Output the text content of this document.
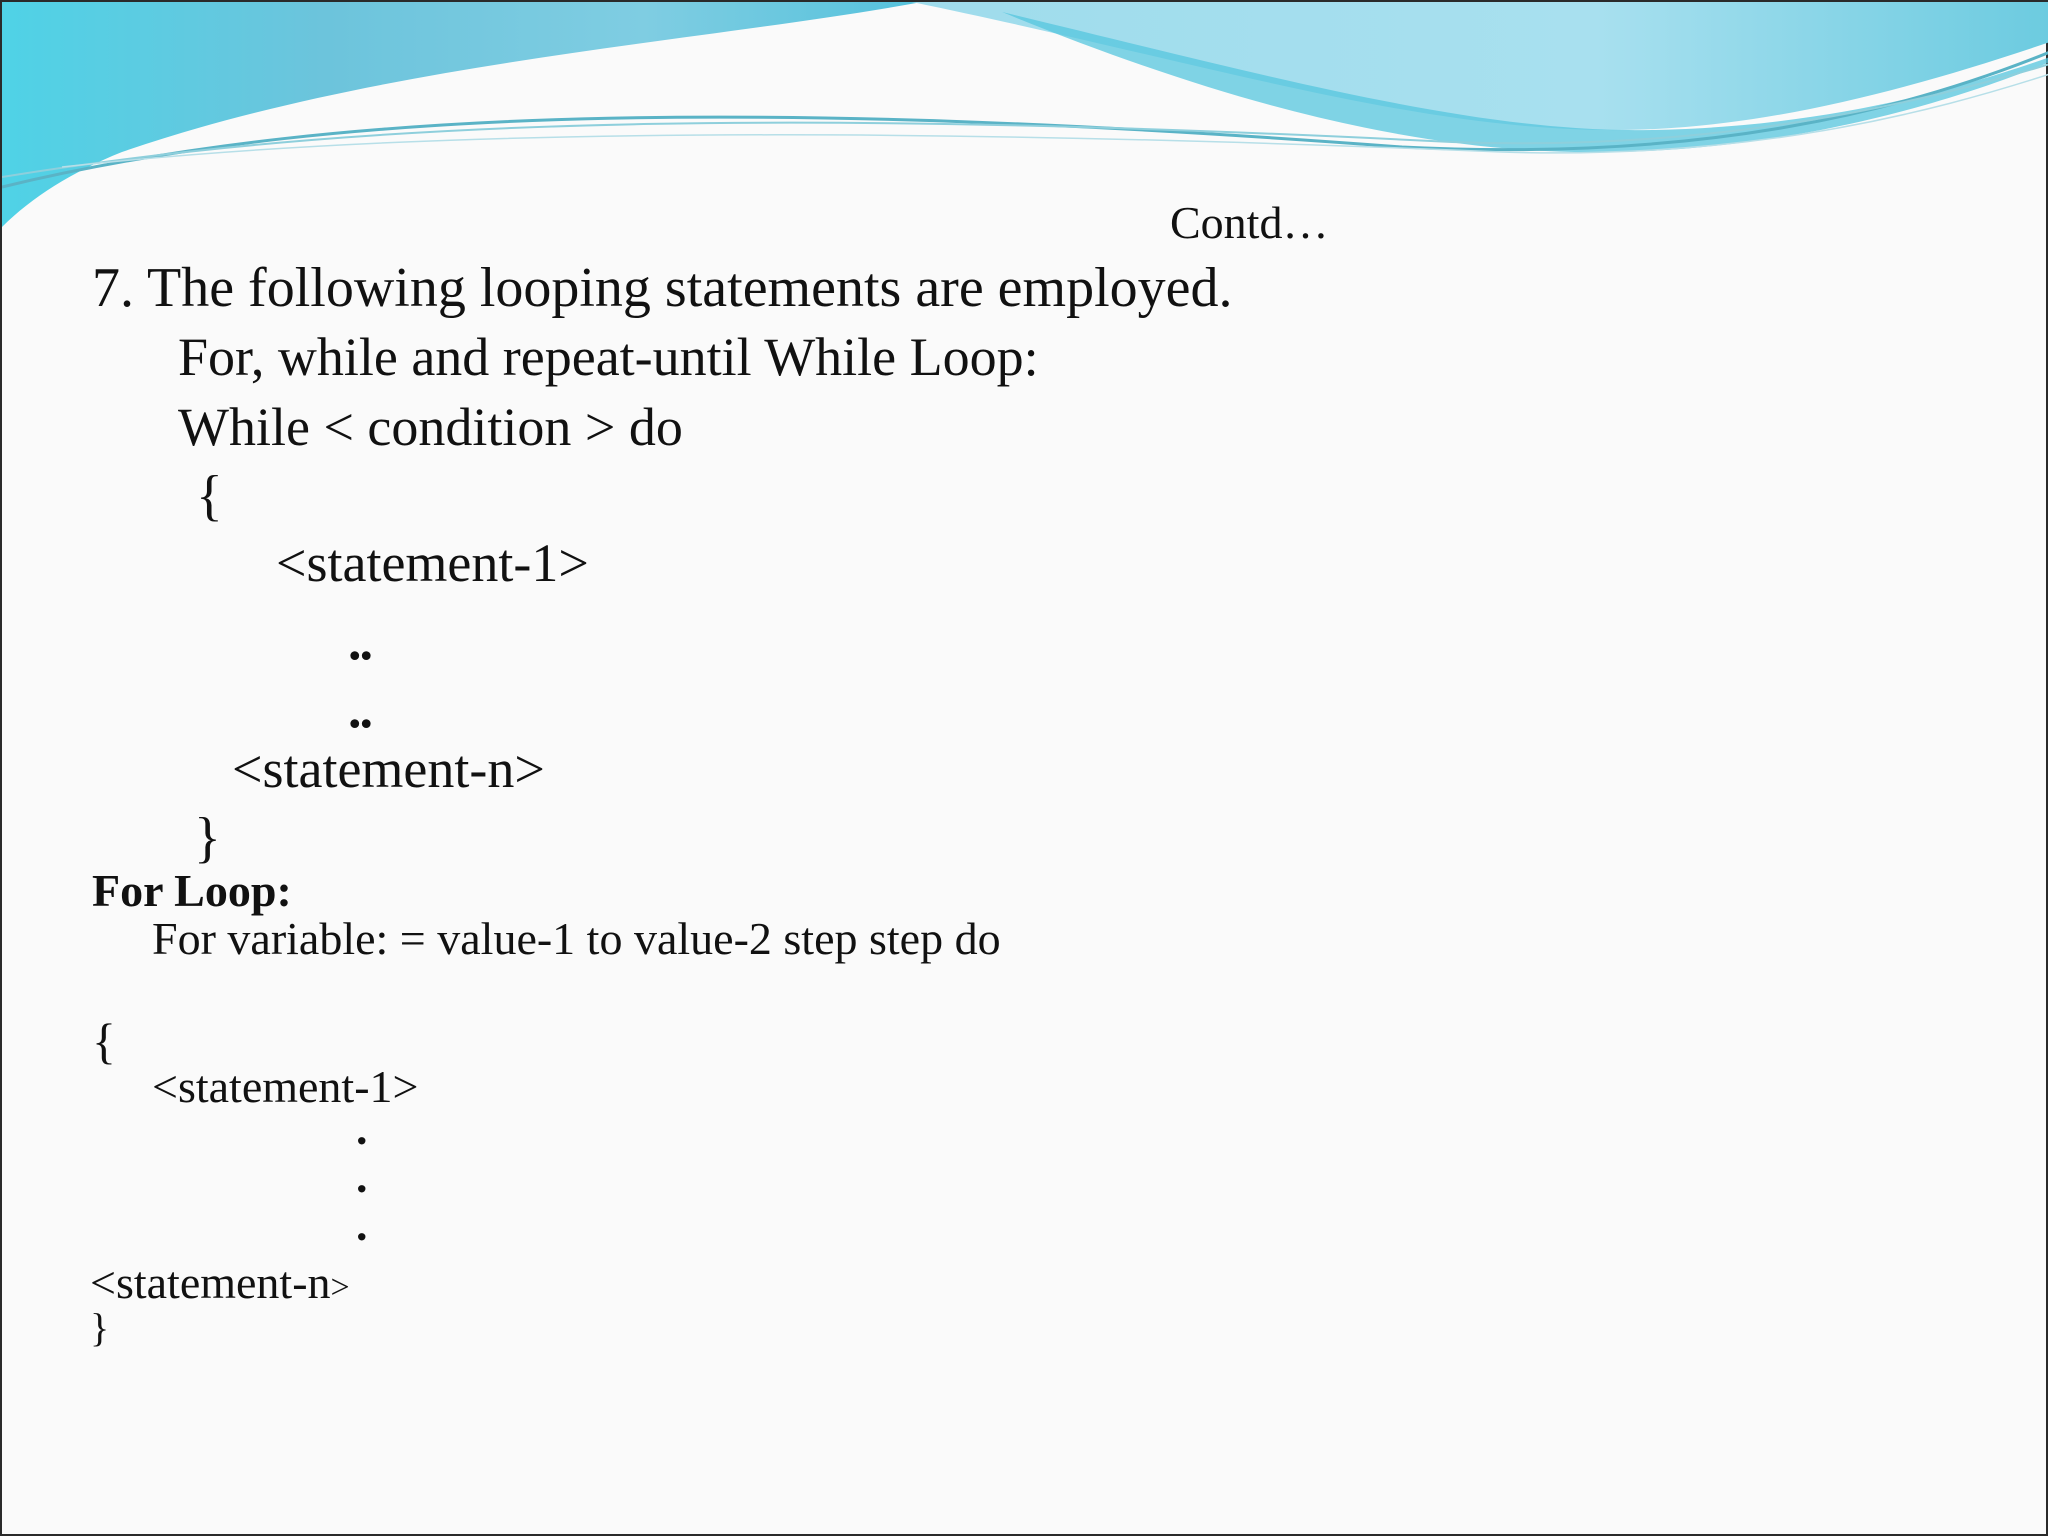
Contd…
7. The following looping statements are employed.
For, while and repeat-until While Loop:
While < condition > do
{
<statement-1>
..
..
<statement-n>
}
For Loop:
For variable: = value-1 to value-2 step step do
{
<statement-1>
.
.
.
<statement-n>
}
